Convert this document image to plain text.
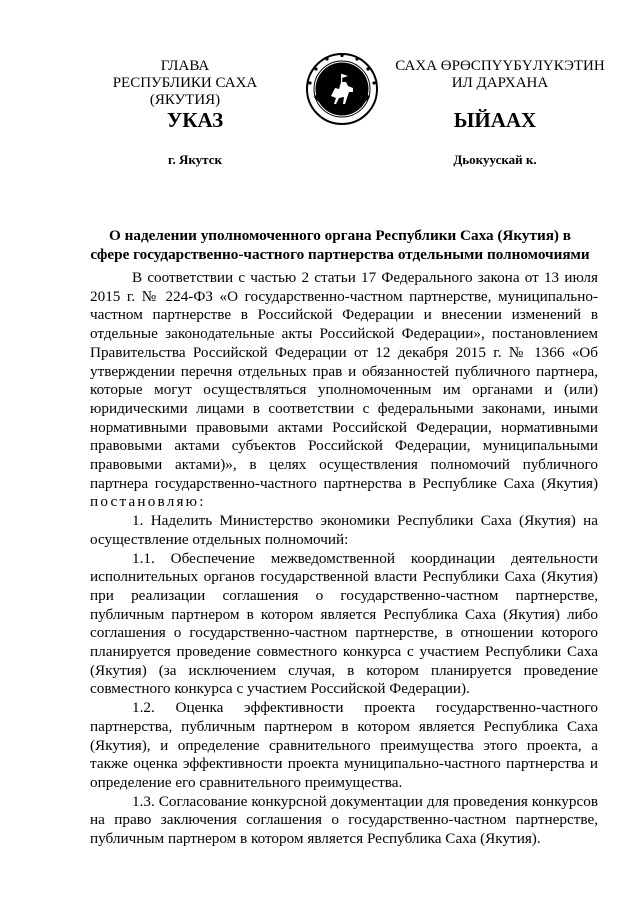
ГЛАВА
РЕСПУБЛИКИ САХА (ЯКУТИЯ)
САХА ӨРӨСПҮҮБҮЛҮКЭТИН
ИЛ ДАРХАНА
УКАЗ	ЫЙААХ
г. Якутск	Дьокуускай к.
О наделении уполномоченного органа Республики Саха (Якутия) в
сфере государственно-частного партнерства отдельными полномочиями

В соответствии с частью 2 статьи 17 Федерального закона от 13 июля 2015 г. № 224-ФЗ «О государственно-частном партнерстве, муниципально-частном партнерстве в Российской Федерации и внесении изменений в отдельные законодательные акты Российской Федерации», постановлением Правительства Российской Федерации от 12 декабря 2015 г. № 1366 «Об утверждении перечня отдельных прав и обязанностей публичного партнера, которые могут осуществляться уполномоченным им органами и (или) юридическими лицами в соответствии с федеральными законами, иными нормативными правовыми актами Российской Федерации, нормативными правовыми актами субъектов Российской Федерации, муниципальными правовыми актами)», в целях осуществления полномочий публичного партнера государственно-частного партнерства в Республике Саха (Якутия) постановляю:

1. Наделить Министерство экономики Республики Саха (Якутия) на осуществление отдельных полномочий:

1.1. Обеспечение межведомственной координации деятельности исполнительных органов государственной власти Республики Саха (Якутия) при реализации соглашения о государственно-частном партнерстве, публичным партнером в котором является Республика Саха (Якутия) либо соглашения о государственно-частном партнерстве, в отношении которого планируется проведение совместного конкурса с участием Республики Саха (Якутия) (за исключением случая, в котором планируется проведение совместного конкурса с участием Российской Федерации).

1.2. Оценка эффективности проекта государственно-частного партнерства, публичным партнером в котором является Республика Саха (Якутия), и определение сравнительного преимущества этого проекта, а также оценка эффективности проекта муниципально-частного партнерства и определение его сравнительного преимущества.

1.3. Согласование конкурсной документации для проведения конкурсов на право заключения соглашения о государственно-частном партнерстве, публичным партнером в котором является Республика Саха (Якутия).
